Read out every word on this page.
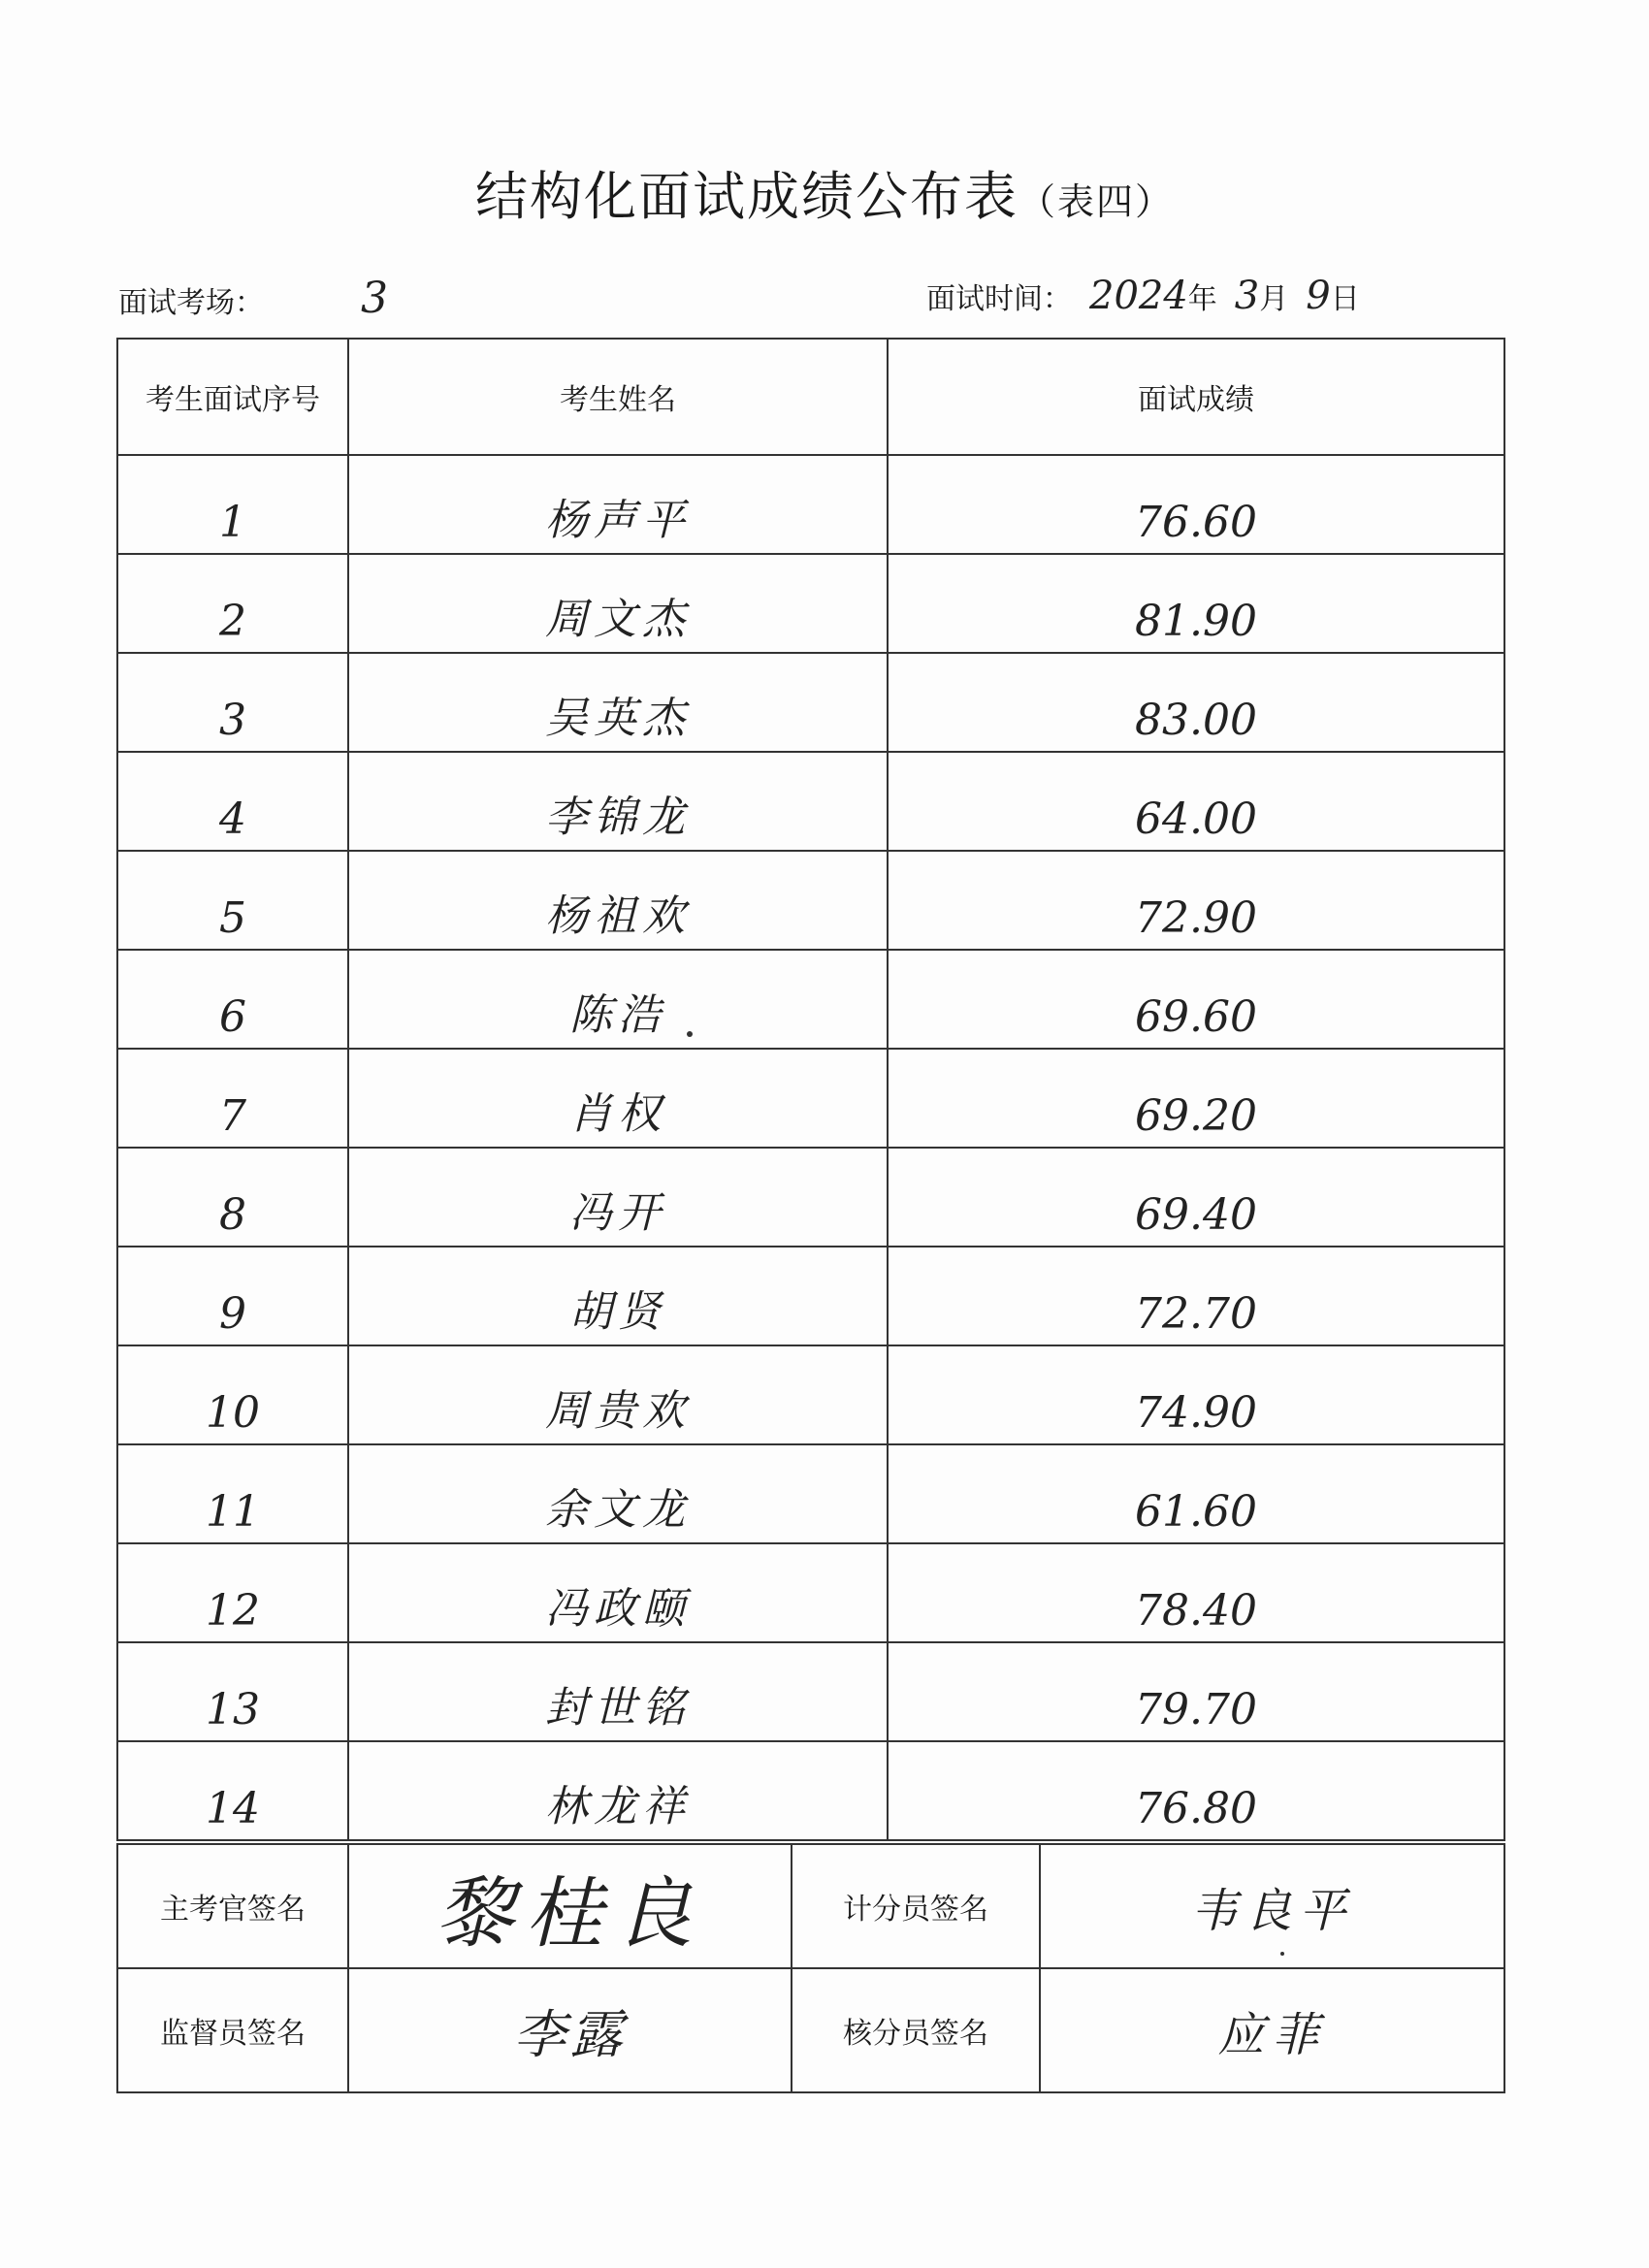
结构化面试成绩公布表（表四）
面试考场： 3	面试时间： 2024年 3月 9日
考生面试序号	考生姓名	面试成绩
1	杨声平	76.60
2	周文杰	81.90
3	吴英杰	83.00
4	李锦龙	64.00
5	杨祖欢	72.90
6	陈浩	69.60
7	肖权	69.20
8	冯开	69.40
9	胡贤	72.70
10	周贵欢	74.90
11	余文龙	61.60
12	冯政颐	78.40
13	封世铭	79.70
14	林龙祥	76.80
主考官签名	黎桂良	计分员签名	韦良平
监督员签名	李露	核分员签名	应菲
